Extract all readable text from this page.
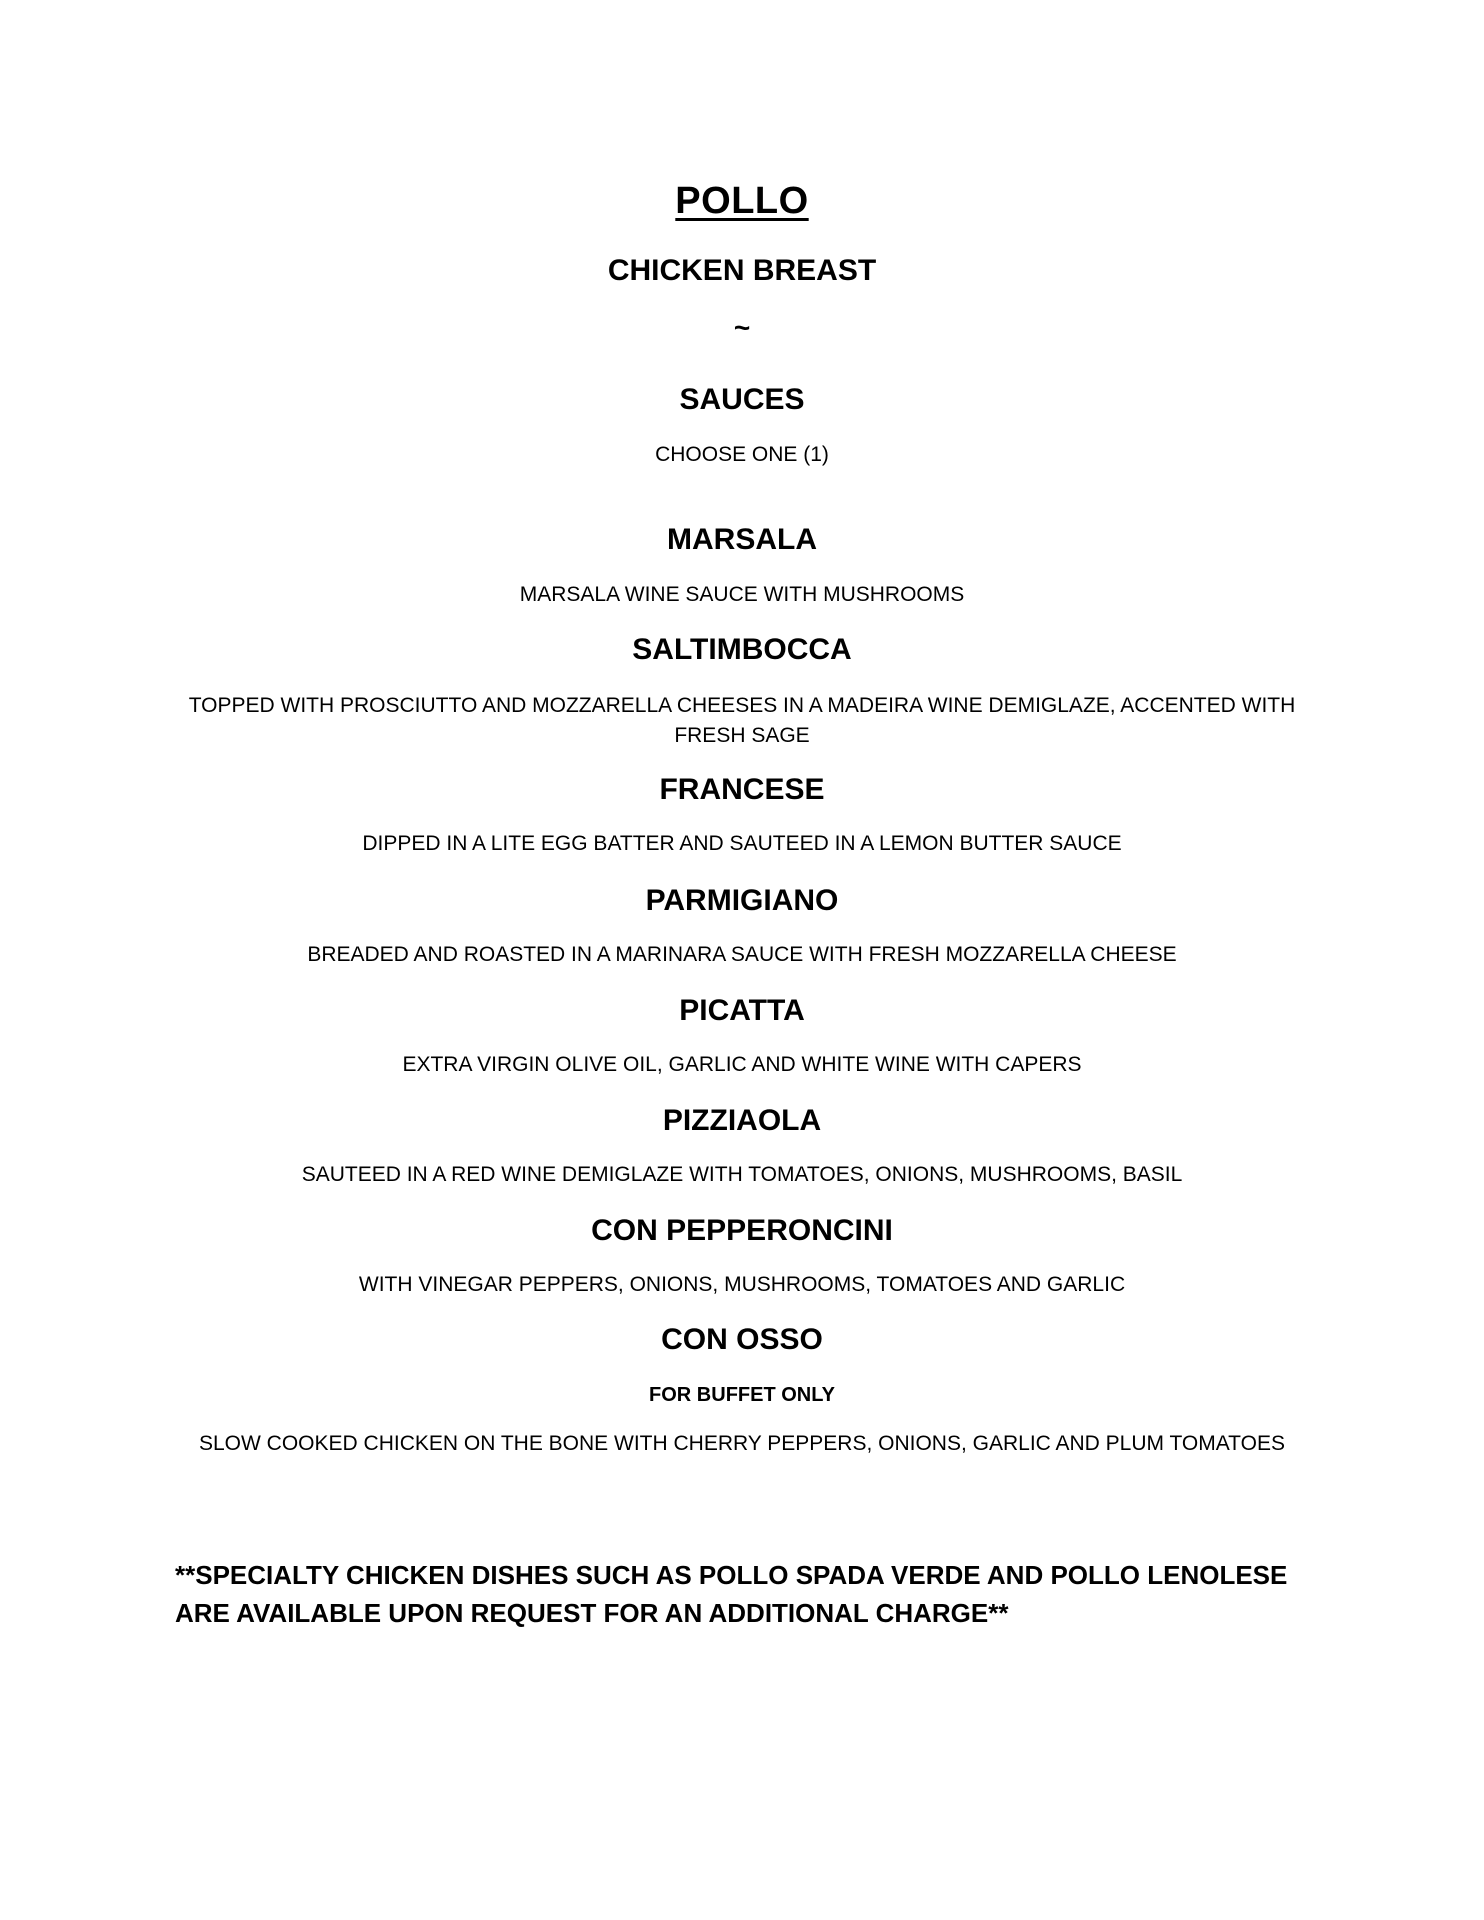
POLLO
CHICKEN BREAST
~
SAUCES
CHOOSE ONE (1)
MARSALA
MARSALA WINE SAUCE WITH MUSHROOMS
SALTIMBOCCA
TOPPED WITH PROSCIUTTO AND MOZZARELLA CHEESES IN A MADEIRA WINE DEMIGLAZE, ACCENTED WITH FRESH SAGE
FRANCESE
DIPPED IN A LITE EGG BATTER AND SAUTEED IN A LEMON BUTTER SAUCE
PARMIGIANO
BREADED AND ROASTED IN A MARINARA SAUCE WITH FRESH MOZZARELLA CHEESE
PICATTA
EXTRA VIRGIN OLIVE OIL, GARLIC AND WHITE WINE WITH CAPERS
PIZZIAOLA
SAUTEED IN A RED WINE DEMIGLAZE WITH TOMATOES, ONIONS, MUSHROOMS, BASIL
CON PEPPERONCINI
WITH VINEGAR PEPPERS, ONIONS, MUSHROOMS, TOMATOES AND GARLIC
CON OSSO
FOR BUFFET ONLY
SLOW COOKED CHICKEN ON THE BONE WITH CHERRY PEPPERS, ONIONS, GARLIC AND PLUM TOMATOES
**SPECIALTY CHICKEN DISHES SUCH AS POLLO SPADA VERDE AND POLLO LENOLESE ARE AVAILABLE UPON REQUEST FOR AN ADDITIONAL CHARGE**
